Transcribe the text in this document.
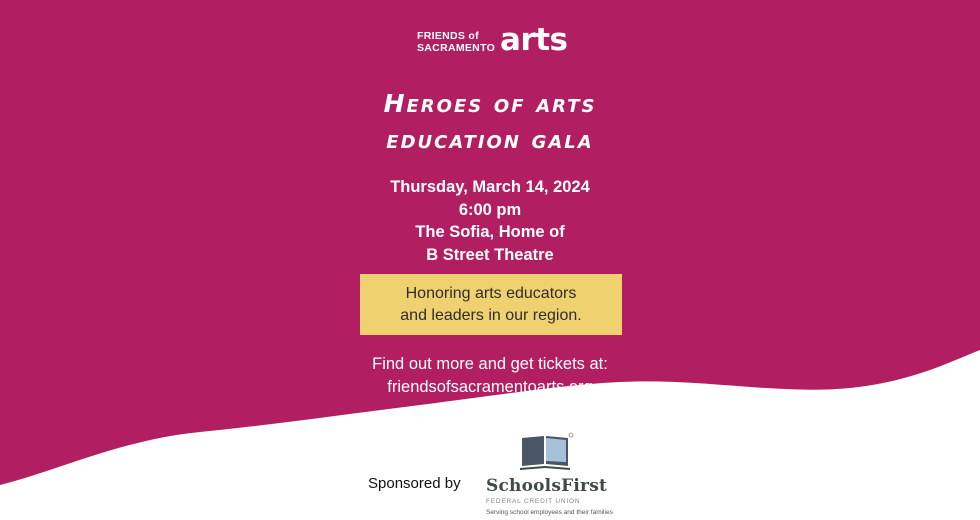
FRIENDS of
SACRAMENTO arts
Heroes of arts
education gala
Thursday, March 14, 2024
6:00 pm
The Sofia, Home of
B Street Theatre
Honoring arts educators
and leaders in our region.
Find out more and get tickets at:
friendsofsacramentoarts.org
Sponsored by SchoolsFirst
FEDERAL CREDIT UNION
Serving school employees and their families
